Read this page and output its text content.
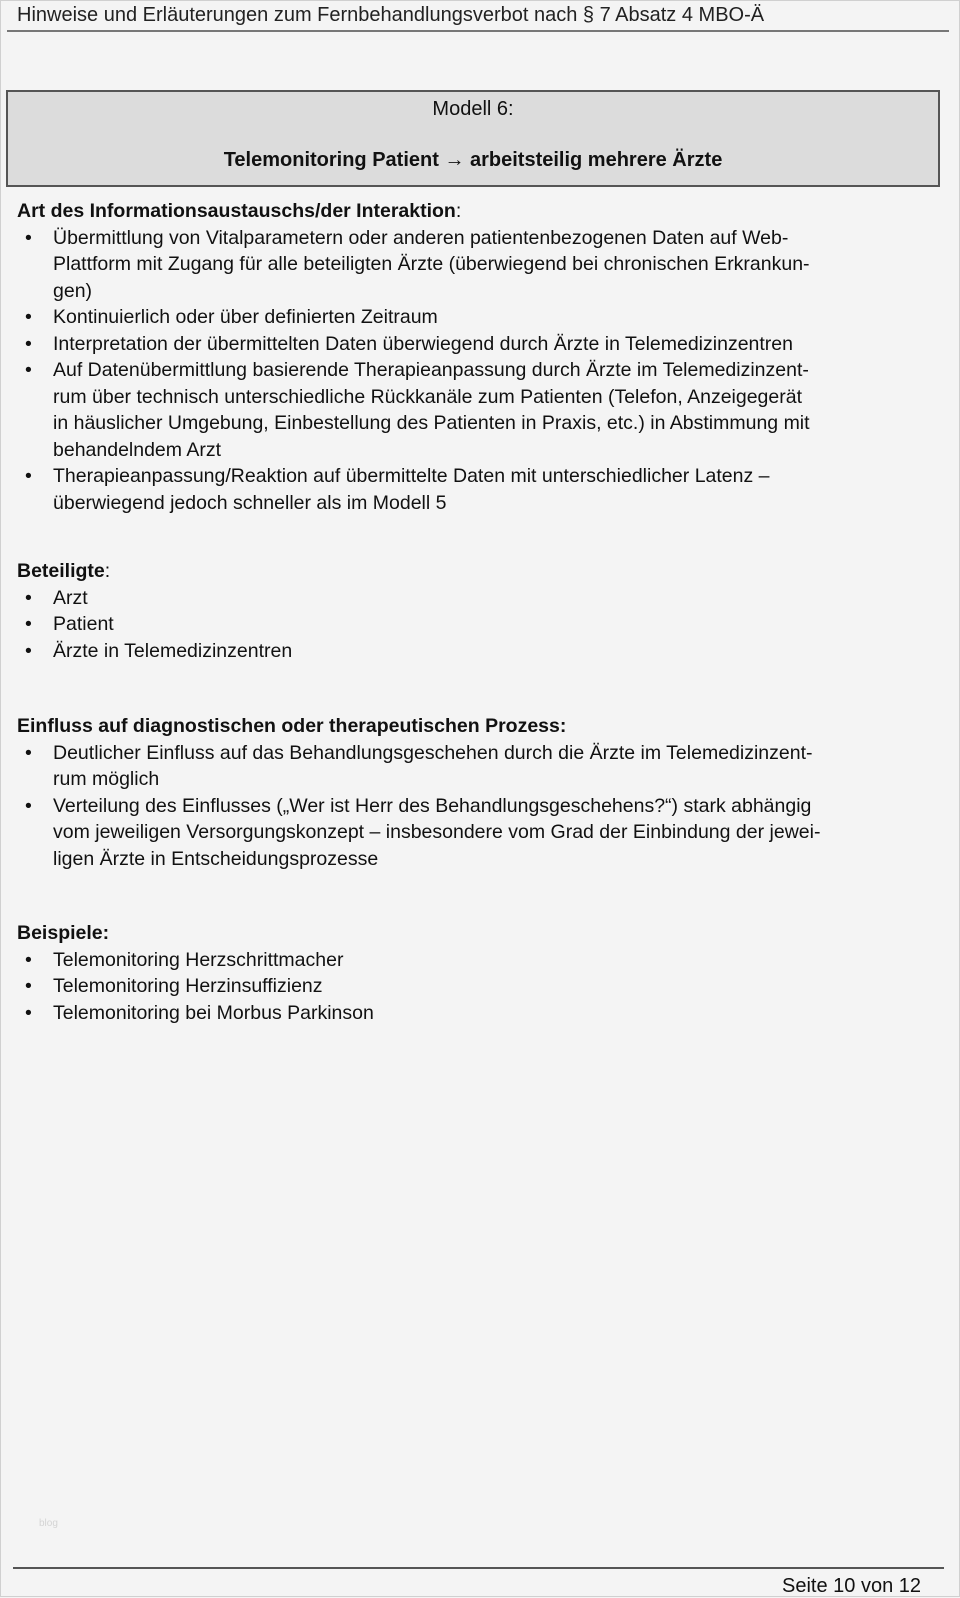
Hinweise und Erläuterungen zum Fernbehandlungsverbot nach § 7 Absatz 4 MBO-Ä
Modell 6:
Telemonitoring Patient → arbeitsteilig mehrere Ärzte
Art des Informationsaustauschs/der Interaktion:
• Übermittlung von Vitalparametern oder anderen patientenbezogenen Daten auf Web-
Plattform mit Zugang für alle beteiligten Ärzte (überwiegend bei chronischen Erkrankun-
gen)
• Kontinuierlich oder über definierten Zeitraum
• Interpretation der übermittelten Daten überwiegend durch Ärzte in Telemedizinzentren
• Auf Datenübermittlung basierende Therapieanpassung durch Ärzte im Telemedizinzent-
rum über technisch unterschiedliche Rückkanäle zum Patienten (Telefon, Anzeigegerät
in häuslicher Umgebung, Einbestellung des Patienten in Praxis, etc.) in Abstimmung mit
behandelndem Arzt
• Therapieanpassung/Reaktion auf übermittelte Daten mit unterschiedlicher Latenz –
überwiegend jedoch schneller als im Modell 5
Beteiligte:
• Arzt
• Patient
• Ärzte in Telemedizinzentren
Einfluss auf diagnostischen oder therapeutischen Prozess:
• Deutlicher Einfluss auf das Behandlungsgeschehen durch die Ärzte im Telemedizinzent-
rum möglich
• Verteilung des Einflusses („Wer ist Herr des Behandlungsgeschehens?“) stark abhängig
vom jeweiligen Versorgungskonzept – insbesondere vom Grad der Einbindung der jewei-
ligen Ärzte in Entscheidungsprozesse
Beispiele:
• Telemonitoring Herzschrittmacher
• Telemonitoring Herzinsuffizienz
• Telemonitoring bei Morbus Parkinson
blog
Seite 10 von 12
